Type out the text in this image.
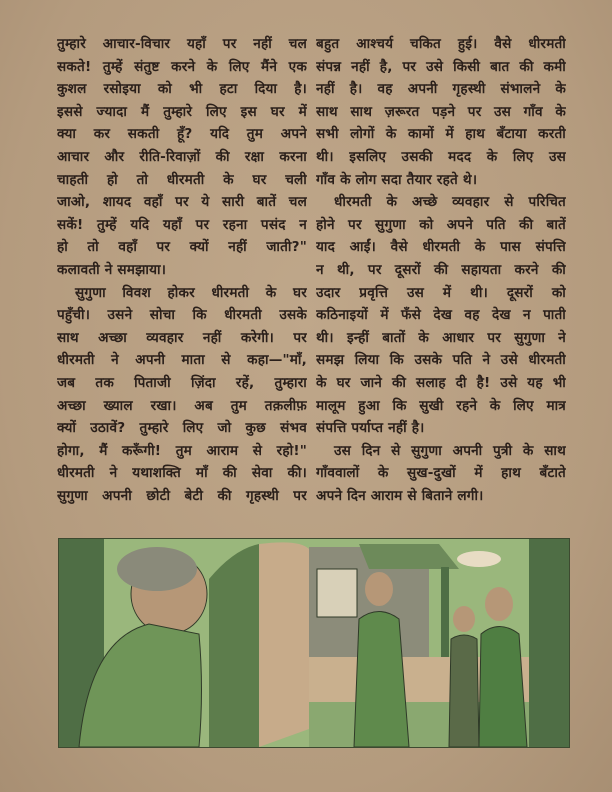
तुम्हारे आचार-विचार यहाँ पर नहीं चल
सकते! तुम्हें संतुष्ट करने के लिए मैंने एक
कुशल रसोइया को भी हटा दिया है।
इससे ज्यादा मैं तुम्हारे लिए इस घर में
क्या कर सकती हूँ? यदि तुम अपने
आचार और रीति-रिवाज़ों की रक्षा करना
चाहती हो तो धीरमती के घर चली
जाओ, शायद वहाँ पर ये सारी बातें चल
सकें! तुम्हें यदि यहाँ पर रहना पसंद न
हो तो वहाँ पर क्यों नहीं जाती?"
कलावती ने समझाया।
सुगुणा विवश होकर धीरमती के घर
पहुँची। उसने सोचा कि धीरमती उसके
साथ अच्छा व्यवहार नहीं करेगी। पर
धीरमती ने अपनी माता से कहा—"माँ,
जब तक पिताजी ज़िंदा रहें, तुम्हारा
अच्छा ख्याल रखा। अब तुम तक़लीफ़
क्यों उठावें? तुम्हारे लिए जो कुछ संभव
होगा, मैं करूँगी! तुम आराम से रहो!"
धीरमती ने यथाशक्ति माँ की सेवा की।
सुगुणा अपनी छोटी बेटी की गृहस्थी पर
बहुत आश्चर्य चकित हुई। वैसे धीरमती
संपन्न नहीं है, पर उसे किसी बात की कमी
नहीं है। वह अपनी गृहस्थी संभालने के
साथ साथ ज़रूरत पड़ने पर उस गाँव के
सभी लोगों के कामों में हाथ बँटाया करती
थी। इसलिए उसकी मदद के लिए उस
गाँव के लोग सदा तैयार रहते थे।
धीरमती के अच्छे व्यवहार से परिचित
होने पर सुगुणा को अपने पति की बातें
याद आईं। वैसे धीरमती के पास संपत्ति
न थी, पर दूसरों की सहायता करने की
उदार प्रवृत्ति उस में थी। दूसरों को
कठिनाइयों में फँसे देख वह देख न पाती
थी। इन्हीं बातों के आधार पर सुगुणा ने
समझ लिया कि उसके पति ने उसे धीरमती
के घर जाने की सलाह दी है! उसे यह भी
मालूम हुआ कि सुखी रहने के लिए मात्र
संपत्ति पर्याप्त नहीं है।
उस दिन से सुगुणा अपनी पुत्री के साथ
गाँववालों के सुख-दुखों में हाथ बँटाते
अपने दिन आराम से बिताने लगी।
